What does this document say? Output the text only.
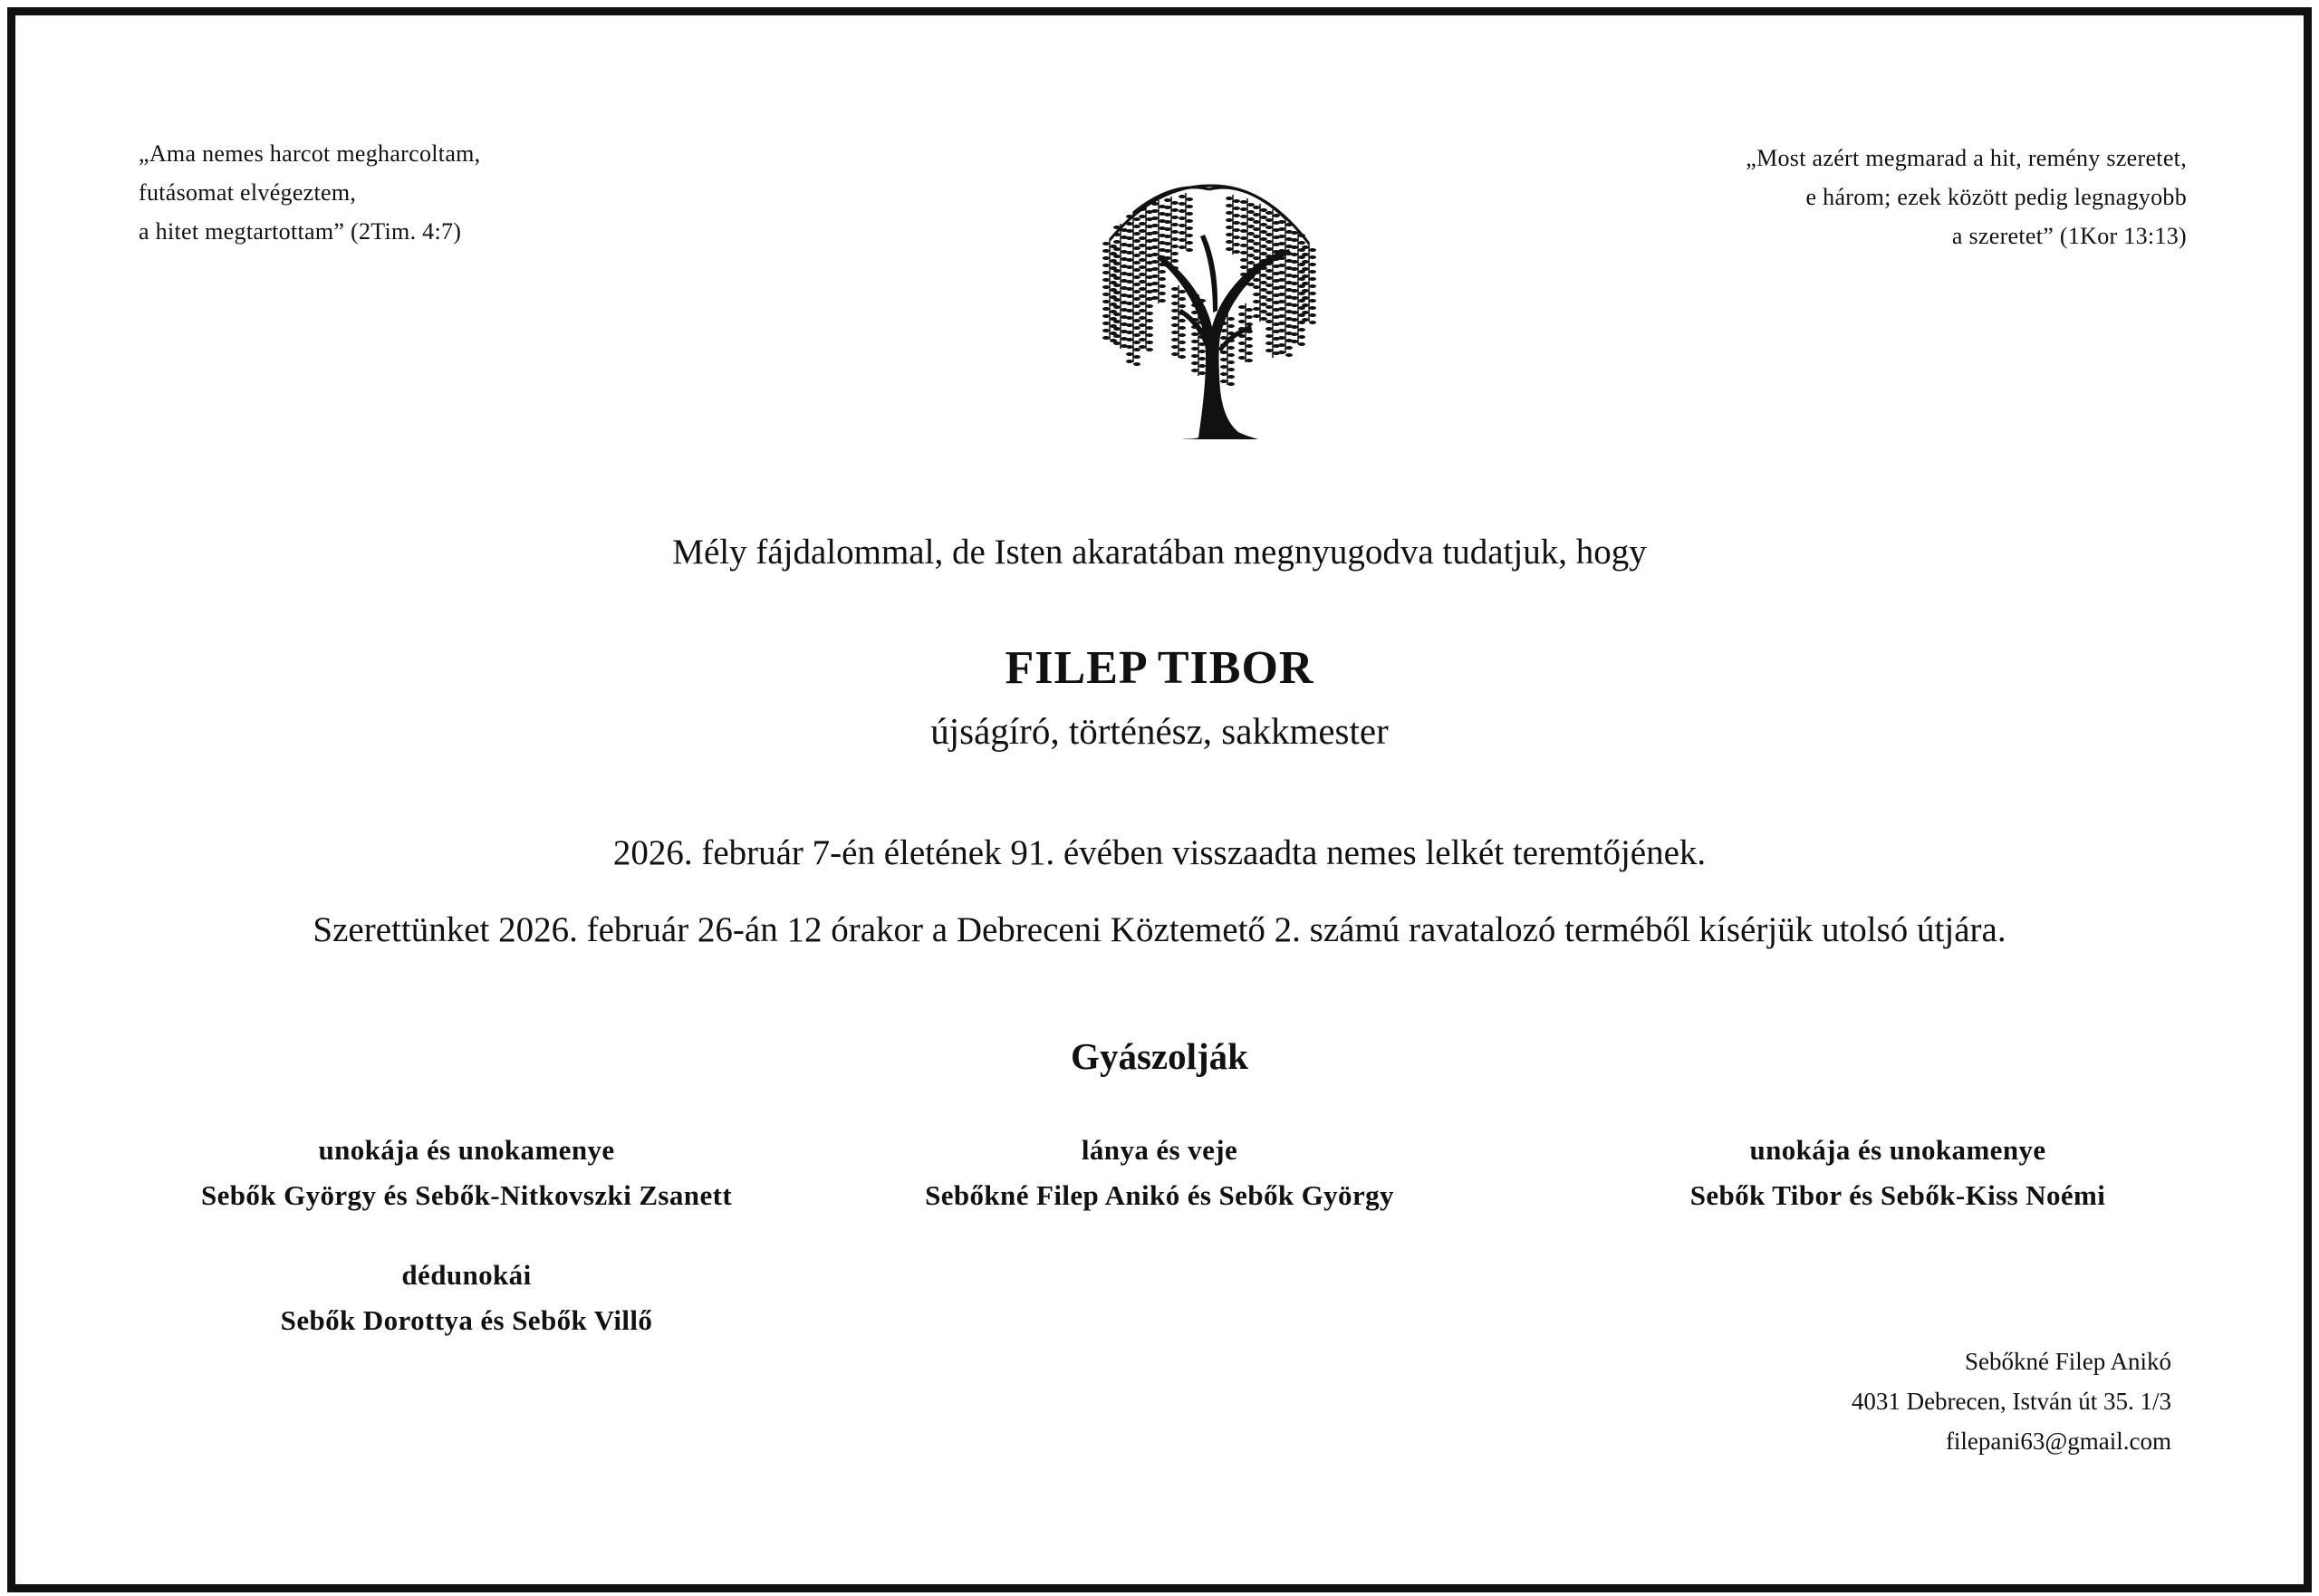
„Ama nemes harcot megharcoltam,
futásomat elvégeztem,
a hitet megtartottam” (2Tim. 4:7)
„Most azért megmarad a hit, remény szeretet,
e három; ezek között pedig legnagyobb
a szeretet” (1Kor 13:13)
Mély fájdalommal, de Isten akaratában megnyugodva tudatjuk, hogy
FILEP TIBOR
újságíró, történész, sakkmester
2026. február 7-én életének 91. évében visszaadta nemes lelkét teremtőjének.
Szerettünket 2026. február 26-án 12 órakor a Debreceni Köztemető 2. számú ravatalozó terméből kísérjük utolsó útjára.
Gyászolják
unokája és unokamenye
Sebők György és Sebők-Nitkovszki Zsanett
lánya és veje
Sebőkné Filep Anikó és Sebők György
unokája és unokamenye
Sebők Tibor és Sebők-Kiss Noémi
dédunokái
Sebők Dorottya és Sebők Villő
Sebőkné Filep Anikó
4031 Debrecen, István út 35. 1/3
filepani63@gmail.com
